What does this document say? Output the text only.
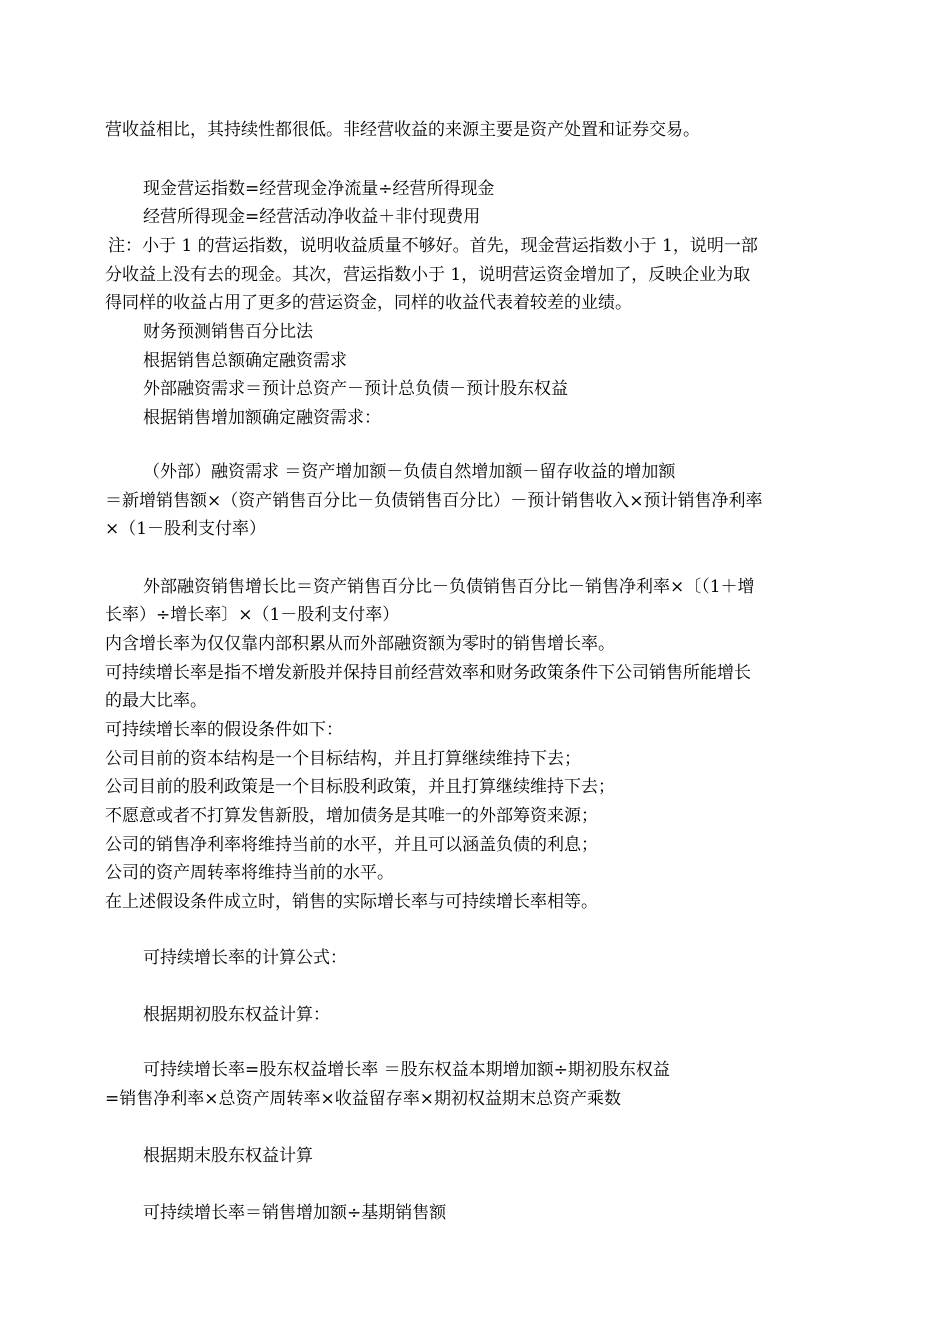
营收益相比，其持续性都很低。非经营收益的来源主要是资产处置和证券交易。
现金营运指数=经营现金净流量÷经营所得现金
经营所得现金=经营活动净收益＋非付现费用
注：小于 1 的营运指数，说明收益质量不够好。首先，现金营运指数小于 1，说明一部
分收益上没有去的现金。其次，营运指数小于 1，说明营运资金增加了，反映企业为取
得同样的收益占用了更多的营运资金，同样的收益代表着较差的业绩。
财务预测销售百分比法
根据销售总额确定融资需求
外部融资需求＝预计总资产－预计总负债－预计股东权益
根据销售增加额确定融资需求：
（外部）融资需求 ＝资产增加额－负债自然增加额－留存收益的增加额
＝新增销售额×（资产销售百分比－负债销售百分比）－预计销售收入×预计销售净利率
×（1－股利支付率）
外部融资销售增长比＝资产销售百分比－负债销售百分比－销售净利率×〔（1＋增
长率）÷增长率〕×（1－股利支付率）
内含增长率为仅仅靠内部积累从而外部融资额为零时的销售增长率。
可持续增长率是指不增发新股并保持目前经营效率和财务政策条件下公司销售所能增长
的最大比率。
可持续增长率的假设条件如下：
公司目前的资本结构是一个目标结构，并且打算继续维持下去；
公司目前的股利政策是一个目标股利政策，并且打算继续维持下去；
不愿意或者不打算发售新股，增加债务是其唯一的外部筹资来源；
公司的销售净利率将维持当前的水平，并且可以涵盖负债的利息；
公司的资产周转率将维持当前的水平。
在上述假设条件成立时，销售的实际增长率与可持续增长率相等。
可持续增长率的计算公式：
根据期初股东权益计算：
可持续增长率=股东权益增长率 ＝股东权益本期增加额÷期初股东权益
=销售净利率×总资产周转率×收益留存率×期初权益期末总资产乘数
根据期末股东权益计算
可持续增长率＝销售增加额÷基期销售额
